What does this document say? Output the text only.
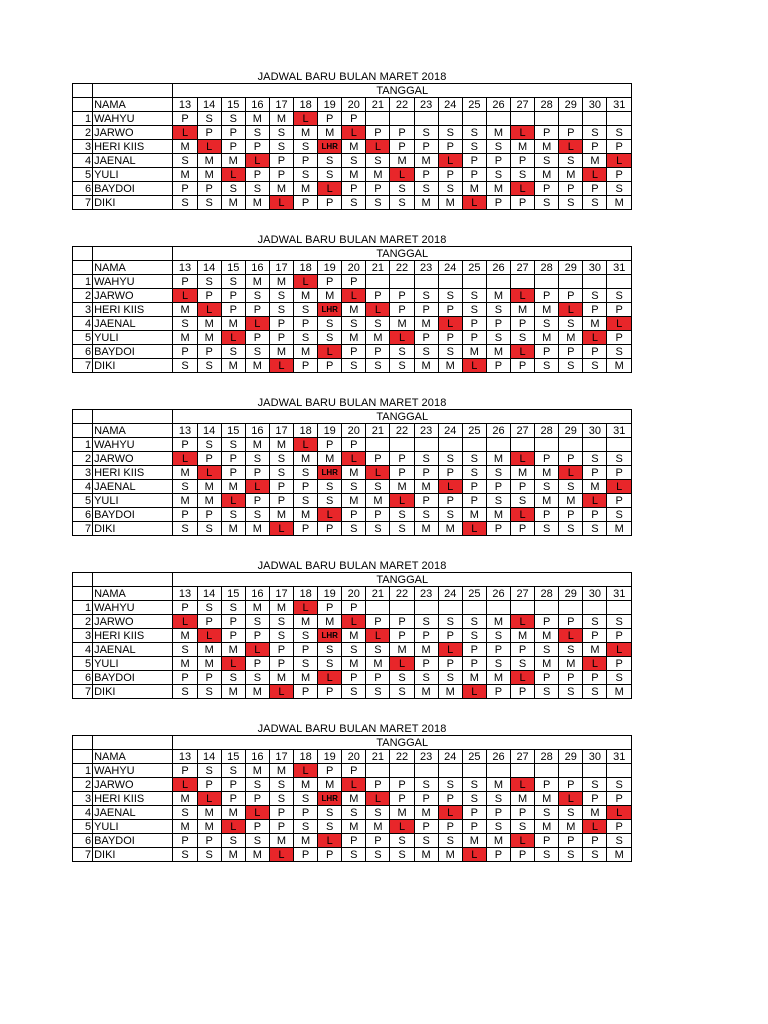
JADWAL BARU BULAN MARET 2018
		TANGGAL																		
	NAMA	13	14	15	16	17	18	19	20	21	22	23	24	25	26	27	28	29	30	31
1	WAHYU	P	S	S	M	M	L	P	P											
2	JARWO	L	P	P	S	S	M	M	L	P	P	S	S	S	M	L	P	P	S	S
3	HERI KIIS	M	L	P	P	S	S	LHR	M	L	P	P	P	S	S	M	M	L	P	P
4	JAENAL	S	M	M	L	P	P	S	S	S	M	M	L	P	P	P	S	S	M	L
5	YULI	M	M	L	P	P	S	S	M	M	L	P	P	P	S	S	M	M	L	P
6	BAYDOI	P	P	S	S	M	M	L	P	P	S	S	S	M	M	L	P	P	P	S
7	DIKI	S	S	M	M	L	P	P	S	S	S	M	M	L	P	P	S	S	S	M
JADWAL BARU BULAN MARET 2018
		TANGGAL																		
	NAMA	13	14	15	16	17	18	19	20	21	22	23	24	25	26	27	28	29	30	31
1	WAHYU	P	S	S	M	M	L	P	P											
2	JARWO	L	P	P	S	S	M	M	L	P	P	S	S	S	M	L	P	P	S	S
3	HERI KIIS	M	L	P	P	S	S	LHR	M	L	P	P	P	S	S	M	M	L	P	P
4	JAENAL	S	M	M	L	P	P	S	S	S	M	M	L	P	P	P	S	S	M	L
5	YULI	M	M	L	P	P	S	S	M	M	L	P	P	P	S	S	M	M	L	P
6	BAYDOI	P	P	S	S	M	M	L	P	P	S	S	S	M	M	L	P	P	P	S
7	DIKI	S	S	M	M	L	P	P	S	S	S	M	M	L	P	P	S	S	S	M
JADWAL BARU BULAN MARET 2018
		TANGGAL																		
	NAMA	13	14	15	16	17	18	19	20	21	22	23	24	25	26	27	28	29	30	31
1	WAHYU	P	S	S	M	M	L	P	P											
2	JARWO	L	P	P	S	S	M	M	L	P	P	S	S	S	M	L	P	P	S	S
3	HERI KIIS	M	L	P	P	S	S	LHR	M	L	P	P	P	S	S	M	M	L	P	P
4	JAENAL	S	M	M	L	P	P	S	S	S	M	M	L	P	P	P	S	S	M	L
5	YULI	M	M	L	P	P	S	S	M	M	L	P	P	P	S	S	M	M	L	P
6	BAYDOI	P	P	S	S	M	M	L	P	P	S	S	S	M	M	L	P	P	P	S
7	DIKI	S	S	M	M	L	P	P	S	S	S	M	M	L	P	P	S	S	S	M
JADWAL BARU BULAN MARET 2018
		TANGGAL																		
	NAMA	13	14	15	16	17	18	19	20	21	22	23	24	25	26	27	28	29	30	31
1	WAHYU	P	S	S	M	M	L	P	P											
2	JARWO	L	P	P	S	S	M	M	L	P	P	S	S	S	M	L	P	P	S	S
3	HERI KIIS	M	L	P	P	S	S	LHR	M	L	P	P	P	S	S	M	M	L	P	P
4	JAENAL	S	M	M	L	P	P	S	S	S	M	M	L	P	P	P	S	S	M	L
5	YULI	M	M	L	P	P	S	S	M	M	L	P	P	P	S	S	M	M	L	P
6	BAYDOI	P	P	S	S	M	M	L	P	P	S	S	S	M	M	L	P	P	P	S
7	DIKI	S	S	M	M	L	P	P	S	S	S	M	M	L	P	P	S	S	S	M
JADWAL BARU BULAN MARET 2018
		TANGGAL																		
	NAMA	13	14	15	16	17	18	19	20	21	22	23	24	25	26	27	28	29	30	31
1	WAHYU	P	S	S	M	M	L	P	P											
2	JARWO	L	P	P	S	S	M	M	L	P	P	S	S	S	M	L	P	P	S	S
3	HERI KIIS	M	L	P	P	S	S	LHR	M	L	P	P	P	S	S	M	M	L	P	P
4	JAENAL	S	M	M	L	P	P	S	S	S	M	M	L	P	P	P	S	S	M	L
5	YULI	M	M	L	P	P	S	S	M	M	L	P	P	P	S	S	M	M	L	P
6	BAYDOI	P	P	S	S	M	M	L	P	P	S	S	S	M	M	L	P	P	P	S
7	DIKI	S	S	M	M	L	P	P	S	S	S	M	M	L	P	P	S	S	S	M
